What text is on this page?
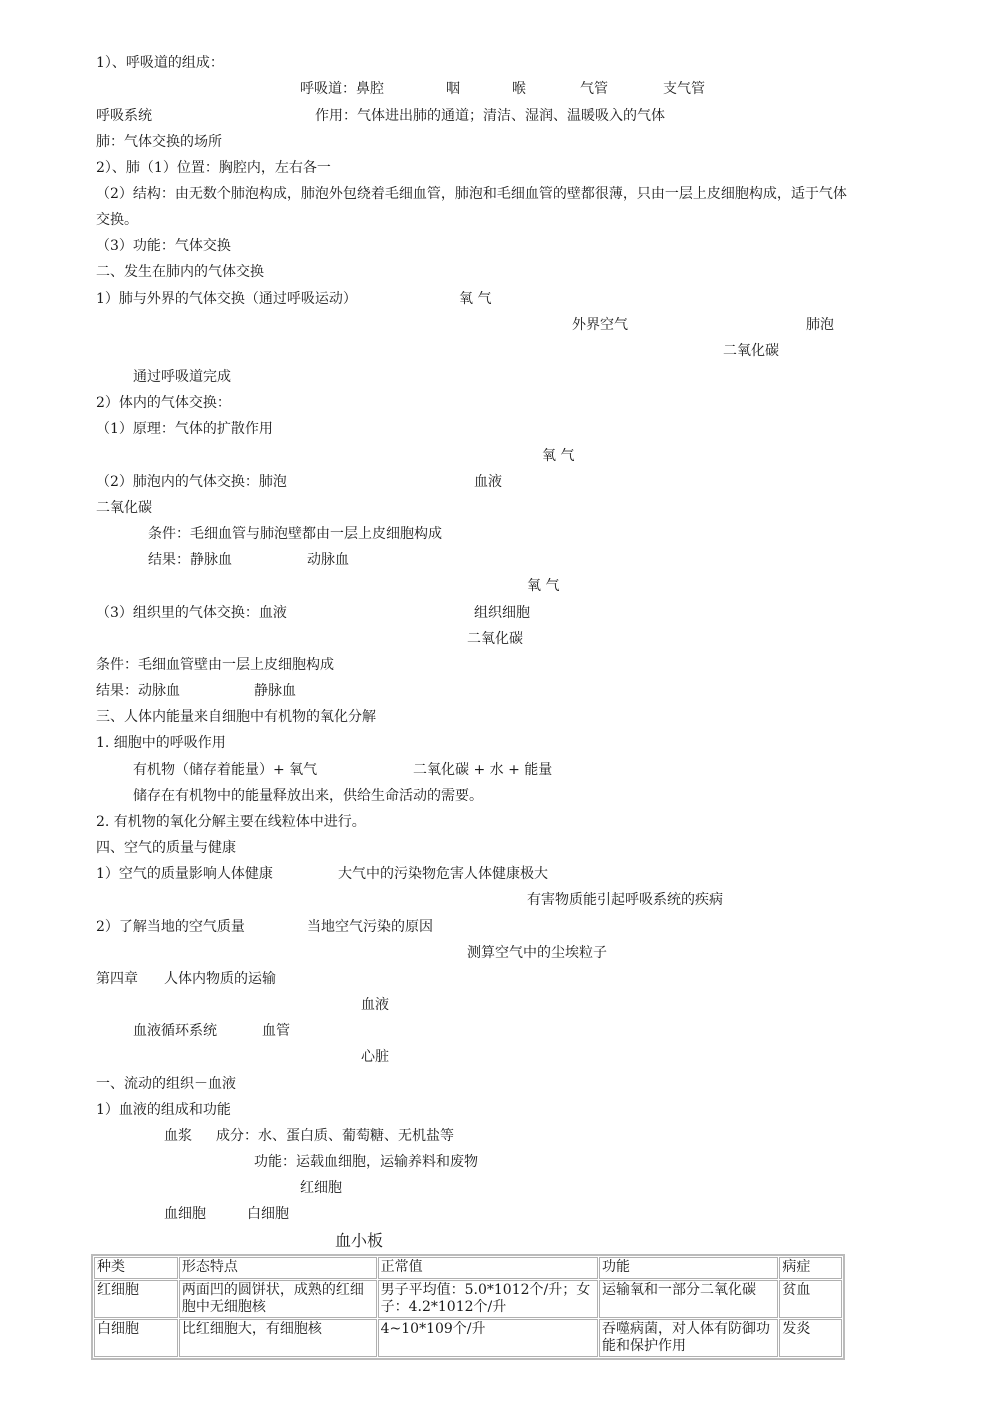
1）、呼吸道的组成：
呼吸道：鼻腔	咽	喉	气管	支气管
呼吸系统	作用：气体进出肺的通道；清洁、湿润、温暖吸入的气体
肺：气体交换的场所
2）、肺（1）位置：胸腔内，左右各一
（2）结构：由无数个肺泡构成，肺泡外包绕着毛细血管，肺泡和毛细血管的壁都很薄，只由一层上皮细胞构成，适于气体
交换。
（3）功能：气体交换
二、发生在肺内的气体交换
1）肺与外界的气体交换（通过呼吸运动）	氧 气
外界空气	肺泡
二氧化碳
通过呼吸道完成
2）体内的气体交换：
（1）原理：气体的扩散作用
氧 气
（2）肺泡内的气体交换：肺泡	血液
二氧化碳
条件：毛细血管与肺泡壁都由一层上皮细胞构成
结果：静脉血	动脉血
氧 气
（3）组织里的气体交换：血液	组织细胞
二氧化碳
条件：毛细血管壁由一层上皮细胞构成
结果：动脉血	静脉血
三、人体内能量来自细胞中有机物的氧化分解
1. 细胞中的呼吸作用
有机物（储存着能量）+ 氧气	二氧化碳 + 水 + 能量
储存在有机物中的能量释放出来，供给生命活动的需要。
2. 有机物的氧化分解主要在线粒体中进行。
四、空气的质量与健康
1）空气的质量影响人体健康	大气中的污染物危害人体健康极大
有害物质能引起呼吸系统的疾病
2）了解当地的空气质量	当地空气污染的原因
测算空气中的尘埃粒子
第四章 人体内物质的运输
血液
血液循环系统	血管
心脏
一、流动的组织－血液
1）血液的组成和功能
血浆 成分：水、蛋白质、葡萄糖、无机盐等
功能：运载血细胞，运输养料和废物
红细胞
血细胞	白细胞
血小板
种类	形态特点	正常值	功能	病症
红细胞	两面凹的圆饼状，成熟的红细胞中无细胞核	男子平均值：5.0*1012个/升；女子：4.2*1012个/升	运输氧和一部分二氧化碳	贫血
白细胞	比红细胞大，有细胞核	4~10*109个/升	吞噬病菌，对人体有防御功能和保护作用	发炎
